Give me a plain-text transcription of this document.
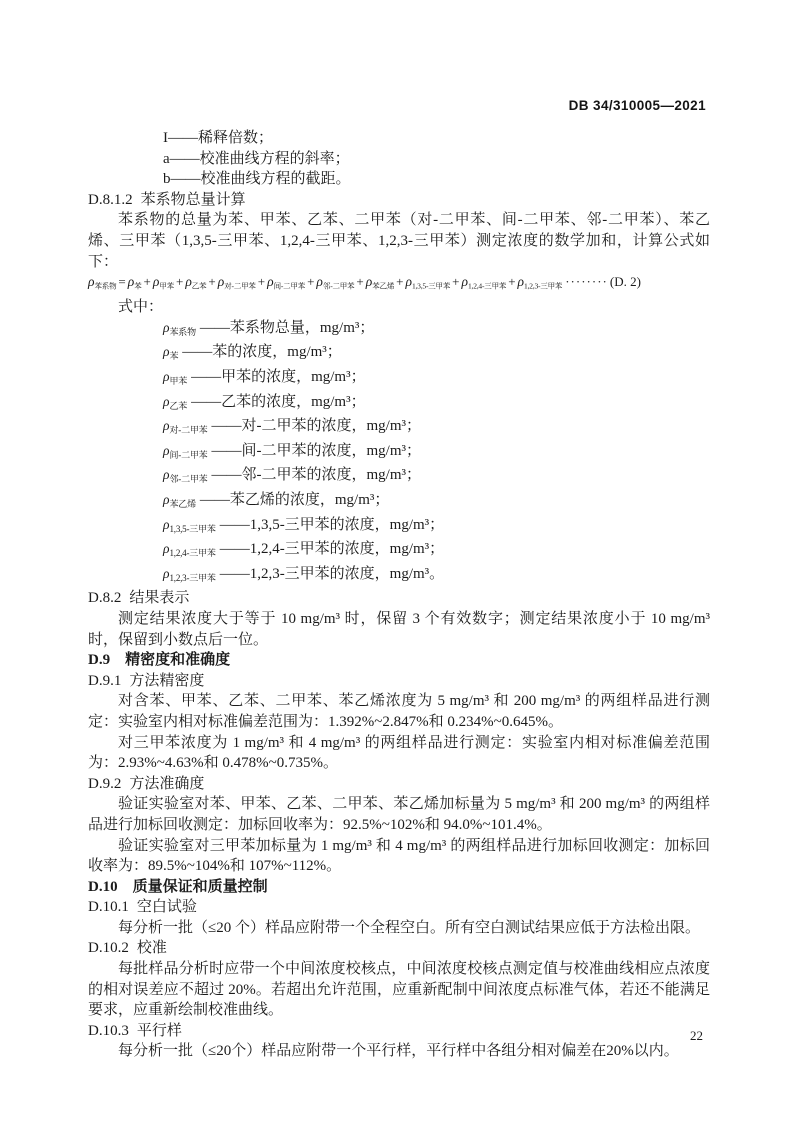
DB 34/310005—2021
I——稀释倍数；
a——校准曲线方程的斜率；
b——校准曲线方程的截距。
D.8.1.2 苯系物总量计算
苯系物的总量为苯、甲苯、乙苯、二甲苯（对-二甲苯、间-二甲苯、邻-二甲苯）、苯乙烯、三甲苯（1,3,5-三甲苯、1,2,4-三甲苯、1,2,3-三甲苯）测定浓度的数学加和，计算公式如下：
$\rho_{苯系物} = \rho_苯 + \rho_{甲苯} + \rho_{乙苯} + \rho_{对-二甲苯} + \rho_{间-二甲苯} + \rho_{邻-二甲苯} + \rho_{苯乙烯} + \rho_{1,3,5-三甲苯} + \rho_{1,2,4-三甲苯} + \rho_{1,2,3-三甲苯}$ ········ (D. 2)
式中：
$\rho_{苯系物}$ ——苯系物总量，mg/m³；
$\rho_苯$ ——苯的浓度，mg/m³；
$\rho_{甲苯}$ ——甲苯的浓度，mg/m³；
$\rho_{乙苯}$ ——乙苯的浓度，mg/m³；
$\rho_{对-二甲苯}$ ——对-二甲苯的浓度，mg/m³；
$\rho_{间-二甲苯}$ ——间-二甲苯的浓度，mg/m³；
$\rho_{邻-二甲苯}$ ——邻-二甲苯的浓度，mg/m³；
$\rho_{苯乙烯}$ ——苯乙烯的浓度，mg/m³；
$\rho_{1,3,5-三甲苯}$ ——1,3,5-三甲苯的浓度，mg/m³；
$\rho_{1,2,4-三甲苯}$ ——1,2,4-三甲苯的浓度，mg/m³；
$\rho_{1,2,3-三甲苯}$ ——1,2,3-三甲苯的浓度，mg/m³。
D.8.2 结果表示
测定结果浓度大于等于 10 mg/m³ 时，保留 3 个有效数字；测定结果浓度小于 10 mg/m³ 时，保留到小数点后一位。
D.9 精密度和准确度
D.9.1 方法精密度
对含苯、甲苯、乙苯、二甲苯、苯乙烯浓度为 5 mg/m³ 和 200 mg/m³ 的两组样品进行测定：实验室内相对标准偏差范围为：1.392%~2.847%和 0.234%~0.645%。
对三甲苯浓度为 1 mg/m³ 和 4 mg/m³ 的两组样品进行测定：实验室内相对标准偏差范围为：2.93%~4.63%和 0.478%~0.735%。
D.9.2 方法准确度
验证实验室对苯、甲苯、乙苯、二甲苯、苯乙烯加标量为 5 mg/m³ 和 200 mg/m³ 的两组样品进行加标回收测定：加标回收率为：92.5%~102%和 94.0%~101.4%。
验证实验室对三甲苯加标量为 1 mg/m³ 和 4 mg/m³ 的两组样品进行加标回收测定：加标回收率为：89.5%~104%和 107%~112%。
D.10 质量保证和质量控制
D.10.1 空白试验
每分析一批（≤20 个）样品应附带一个全程空白。所有空白测试结果应低于方法检出限。
D.10.2 校准
每批样品分析时应带一个中间浓度校核点，中间浓度校核点测定值与校准曲线相应点浓度的相对误差应不超过 20%。若超出允许范围，应重新配制中间浓度点标准气体，若还不能满足要求，应重新绘制校准曲线。
D.10.3 平行样
每分析一批（≤20个）样品应附带一个平行样，平行样中各组分相对偏差在20%以内。
22
